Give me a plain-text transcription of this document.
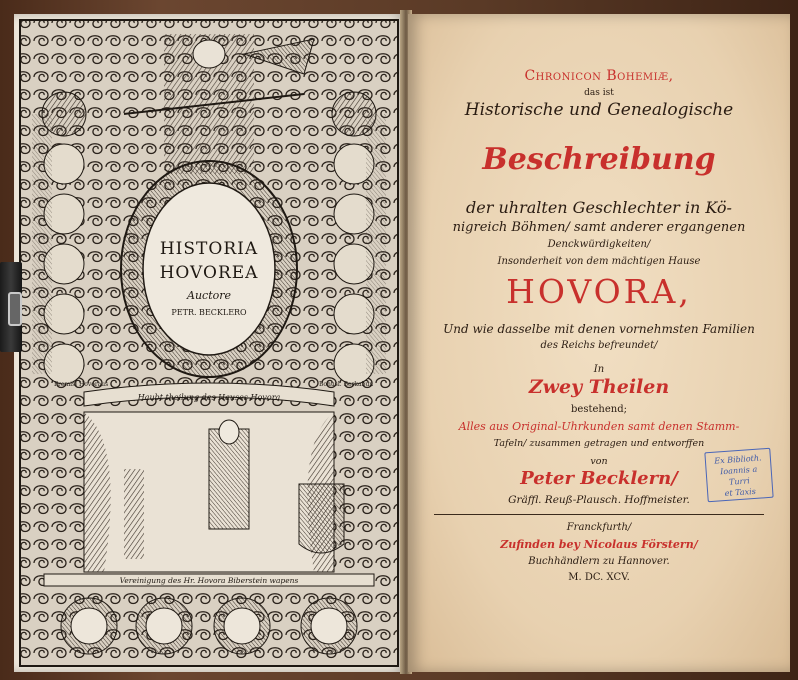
HISTORIA
HOVOREA
Auctore
PETR. BECKLERO
Haubt theilung des Hauses Hovora
Premisl Hovoraus	Bohusl. Berkabun
Vereinigung des Hr. Hovora Biberstein wapens
Chronicon Bohemiæ,
das ist
Historische und Genealogische
Beschreibung
der uhralten Geschlechter in Kö-
nigreich Böhmen/ samt anderer ergangenen
Denckwürdigkeiten/
Insonderheit von dem mächtigen Hause
HOVORA,
Und wie dasselbe mit denen vornehmsten Familien
des Reichs befreundet/
In
Zwey Theilen
bestehend;
Alles aus Original-Uhrkunden samt denen Stamm-
Tafeln/ zusammen getragen und entworffen
von
Peter Becklern/
Gräffl. Reuß-Plausch. Hoffmeister.
Franckfurth/
Zufinden bey Nicolaus Förstern/
Buchhändlern zu Hannover.
M. DC. XCV.
Ex Biblioth.
Ioannis a Turri
et Taxis
